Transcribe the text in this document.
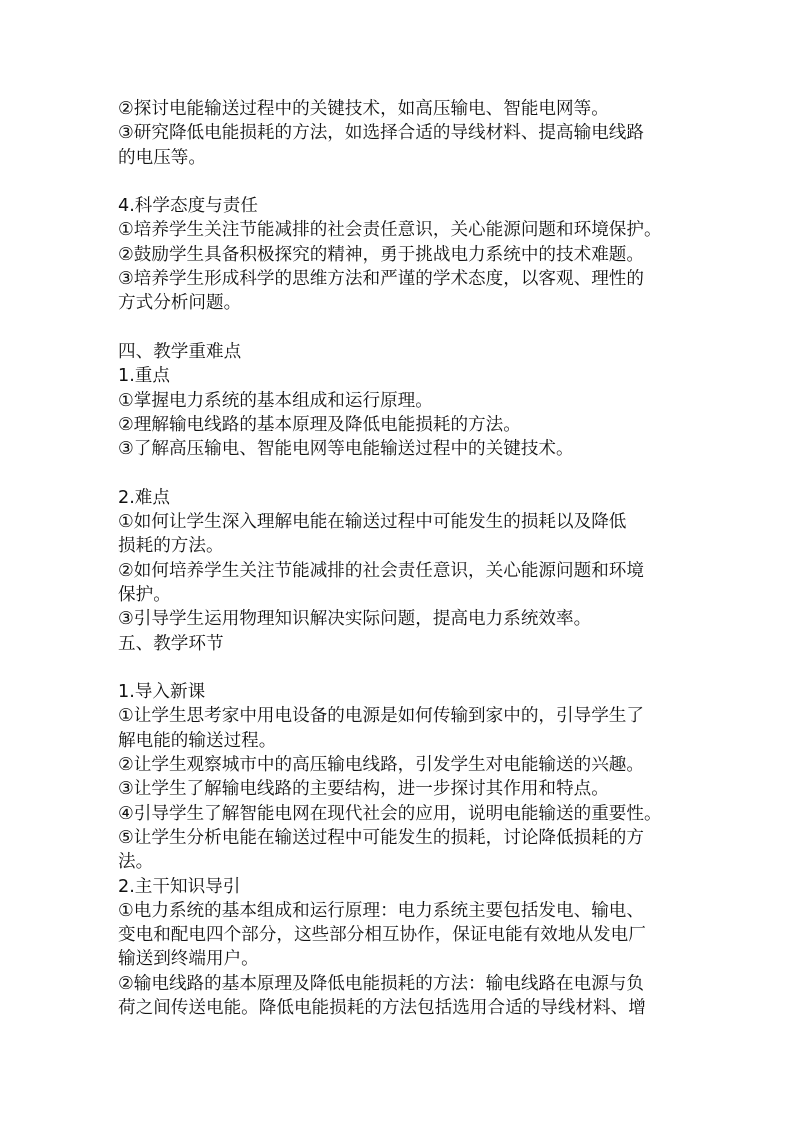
②探讨电能输送过程中的关键技术，如高压输电、智能电网等。
③研究降低电能损耗的方法，如选择合适的导线材料、提高输电线路
的电压等。
4.科学态度与责任
①培养学生关注节能减排的社会责任意识，关心能源问题和环境保护。
②鼓励学生具备积极探究的精神，勇于挑战电力系统中的技术难题。
③培养学生形成科学的思维方法和严谨的学术态度，以客观、理性的
方式分析问题。
四、教学重难点
1.重点
①掌握电力系统的基本组成和运行原理。
②理解输电线路的基本原理及降低电能损耗的方法。
③了解高压输电、智能电网等电能输送过程中的关键技术。
2.难点
①如何让学生深入理解电能在输送过程中可能发生的损耗以及降低
损耗的方法。
②如何培养学生关注节能减排的社会责任意识，关心能源问题和环境
保护。
③引导学生运用物理知识解决实际问题，提高电力系统效率。
五、教学环节
1.导入新课
①让学生思考家中用电设备的电源是如何传输到家中的，引导学生了
解电能的输送过程。
②让学生观察城市中的高压输电线路，引发学生对电能输送的兴趣。
③让学生了解输电线路的主要结构，进一步探讨其作用和特点。
④引导学生了解智能电网在现代社会的应用，说明电能输送的重要性。
⑤让学生分析电能在输送过程中可能发生的损耗，讨论降低损耗的方
法。
2.主干知识导引
①电力系统的基本组成和运行原理：电力系统主要包括发电、输电、
变电和配电四个部分，这些部分相互协作，保证电能有效地从发电厂
输送到终端用户。
②输电线路的基本原理及降低电能损耗的方法：输电线路在电源与负
荷之间传送电能。降低电能损耗的方法包括选用合适的导线材料、增
